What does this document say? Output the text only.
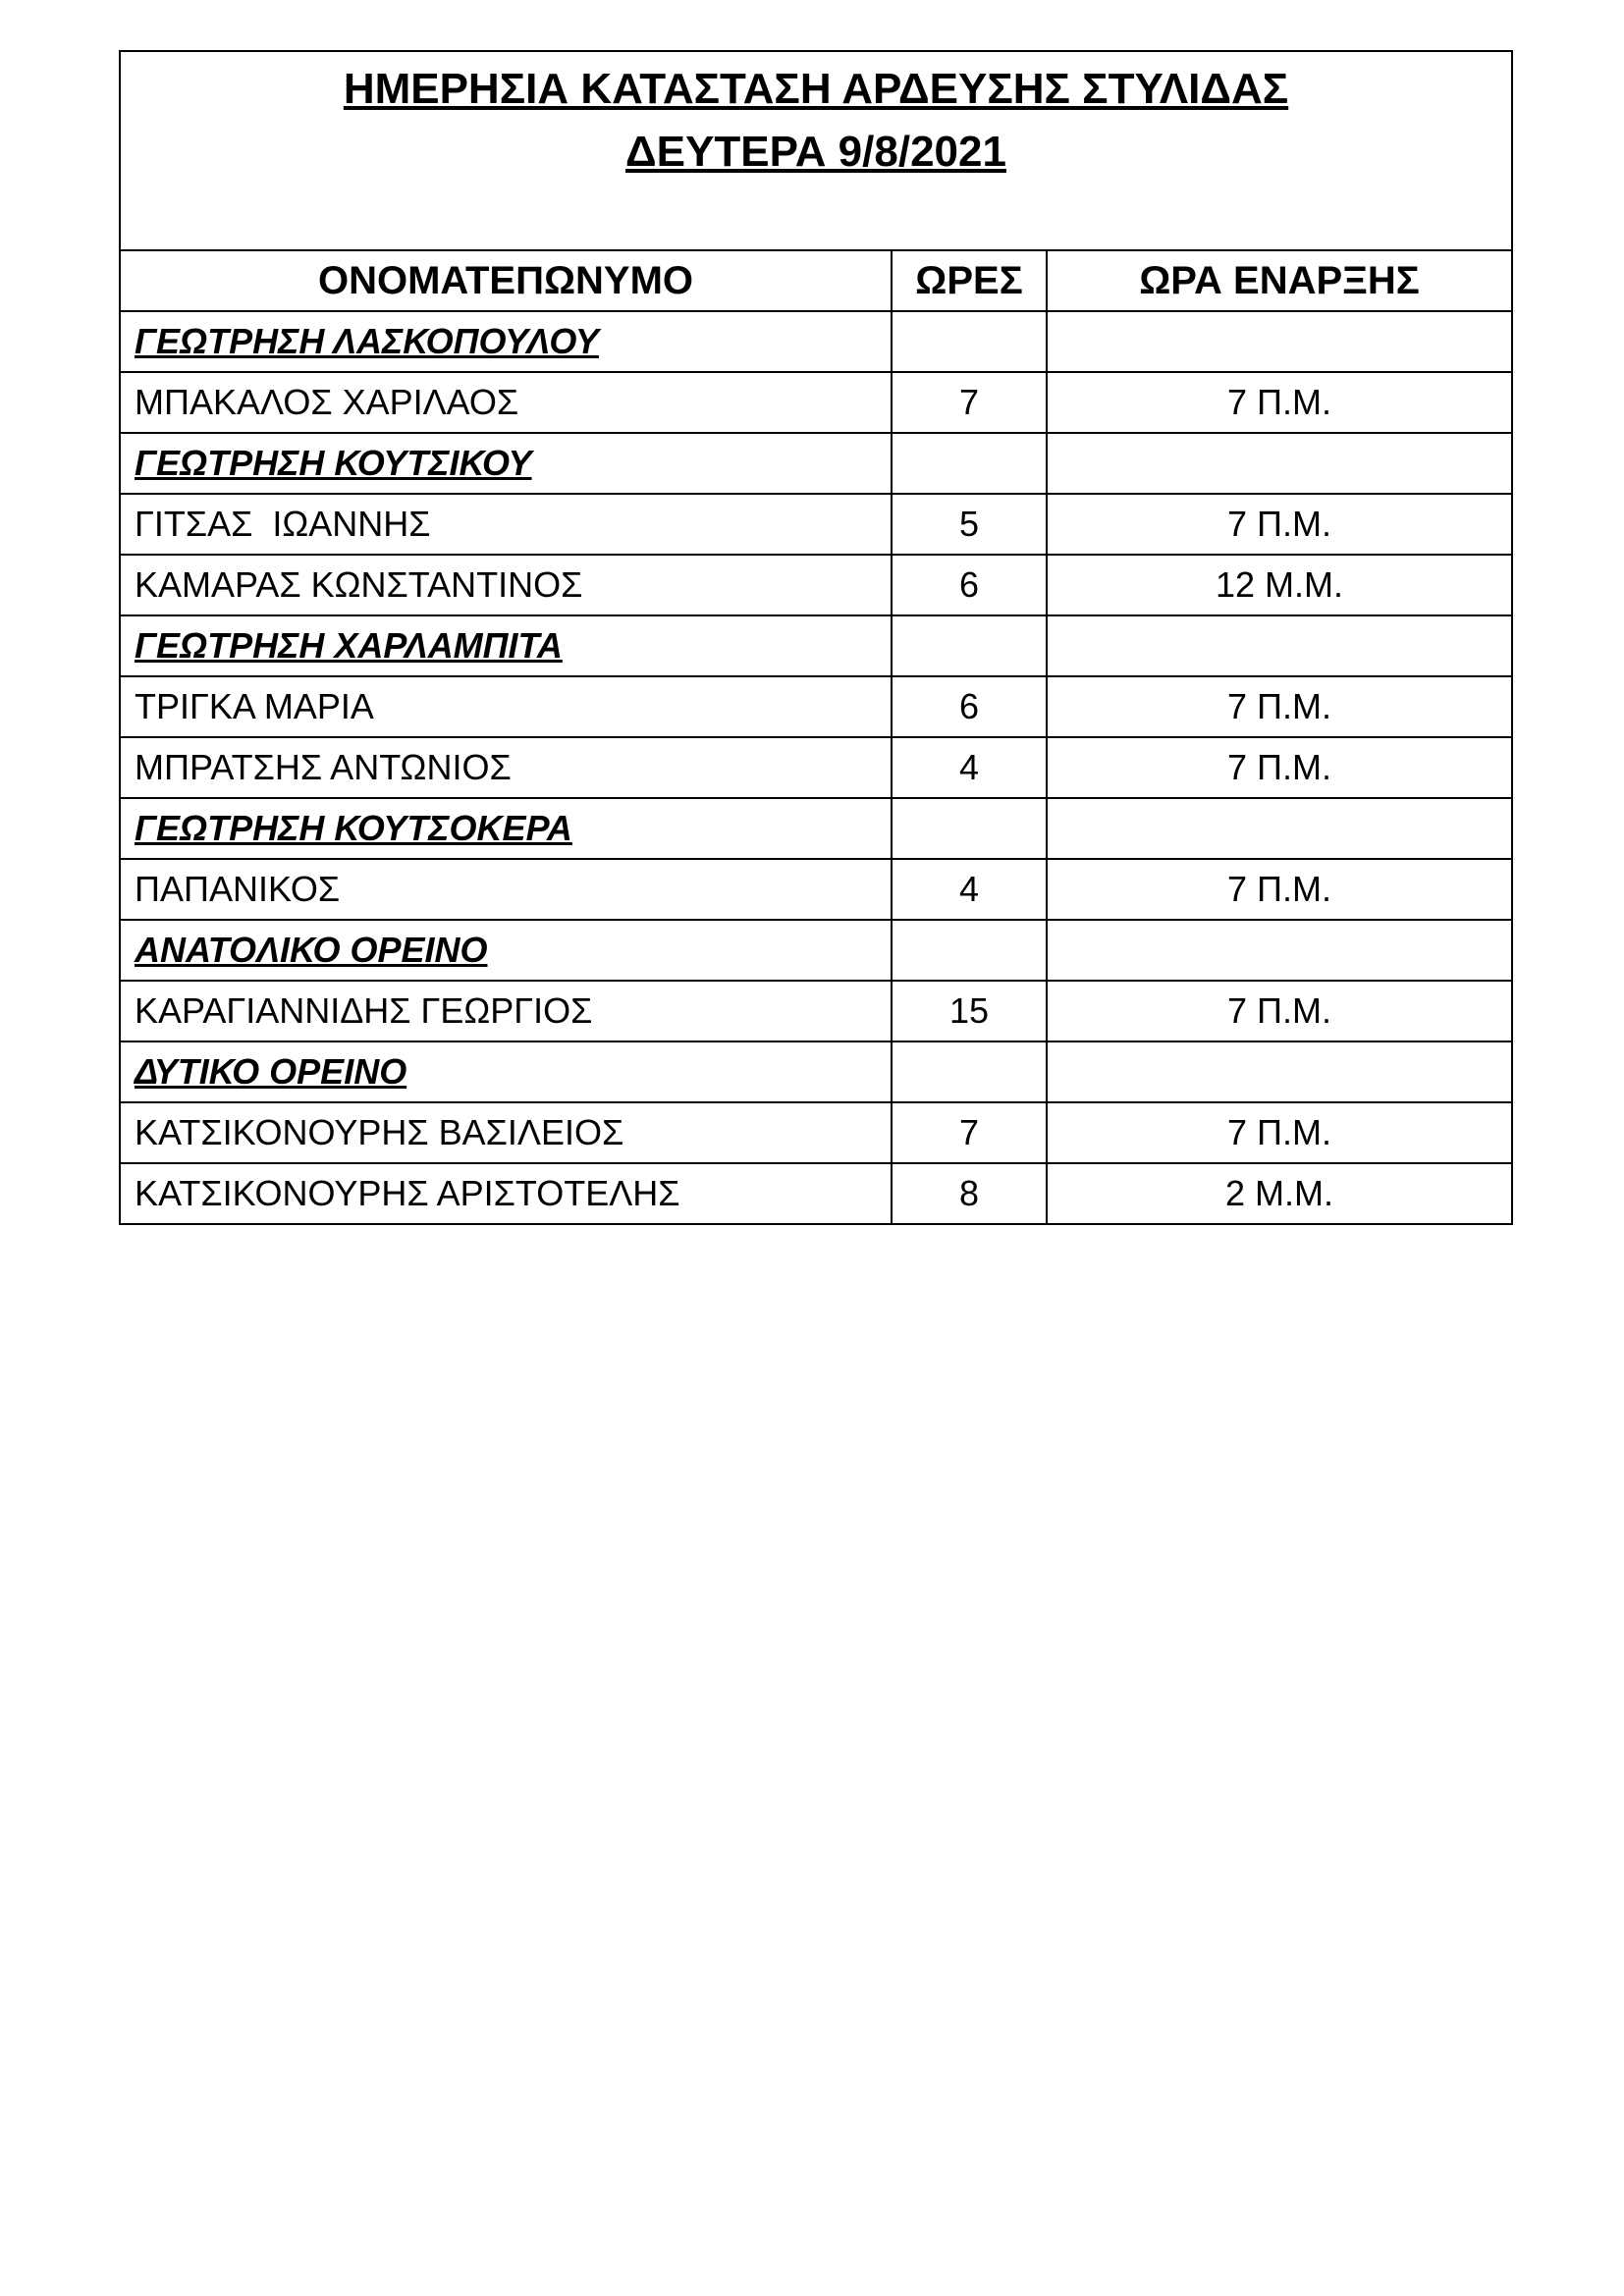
ΗΜΕΡΗΣΙΑ ΚΑΤΑΣΤΑΣΗ ΑΡΔΕΥΣΗΣ ΣΤΥΛΙΔΑΣ
ΔΕΥΤΕΡΑ 9/8/2021		

ΟΝΟΜΑΤΕΠΩΝΥΜΟ	ΩΡΕΣ	ΩΡΑ ΕΝΑΡΞΗΣ
ΓΕΩΤΡΗΣΗ ΛΑΣΚΟΠΟΥΛΟΥ		
ΜΠΑΚΑΛΟΣ ΧΑΡΙΛΑΟΣ	7	7 Π.Μ.
ΓΕΩΤΡΗΣΗ ΚΟΥΤΣΙΚΟΥ		
ΓΙΤΣΑΣ  ΙΩΑΝΝΗΣ	5	7 Π.Μ.
ΚΑΜΑΡΑΣ ΚΩΝΣΤΑΝΤΙΝΟΣ	6	12 Μ.Μ.
ΓΕΩΤΡΗΣΗ ΧΑΡΛΑΜΠΙΤΑ		
ΤΡΙΓΚΑ ΜΑΡΙΑ	6	7 Π.Μ.
ΜΠΡΑΤΣΗΣ ΑΝΤΩΝΙΟΣ	4	7 Π.Μ.
ΓΕΩΤΡΗΣΗ ΚΟΥΤΣΟΚΕΡΑ		
ΠΑΠΑΝΙΚΟΣ	4	7 Π.Μ.
ΑΝΑΤΟΛΙΚΟ ΟΡΕΙΝΟ		
ΚΑΡΑΓΙΑΝΝΙΔΗΣ ΓΕΩΡΓΙΟΣ	15	7 Π.Μ.
ΔΥΤΙΚΟ ΟΡΕΙΝΟ		
ΚΑΤΣΙΚΟΝΟΥΡΗΣ ΒΑΣΙΛΕΙΟΣ	7	7 Π.Μ.
ΚΑΤΣΙΚΟΝΟΥΡΗΣ ΑΡΙΣΤΟΤΕΛΗΣ	8	2 Μ.Μ.
